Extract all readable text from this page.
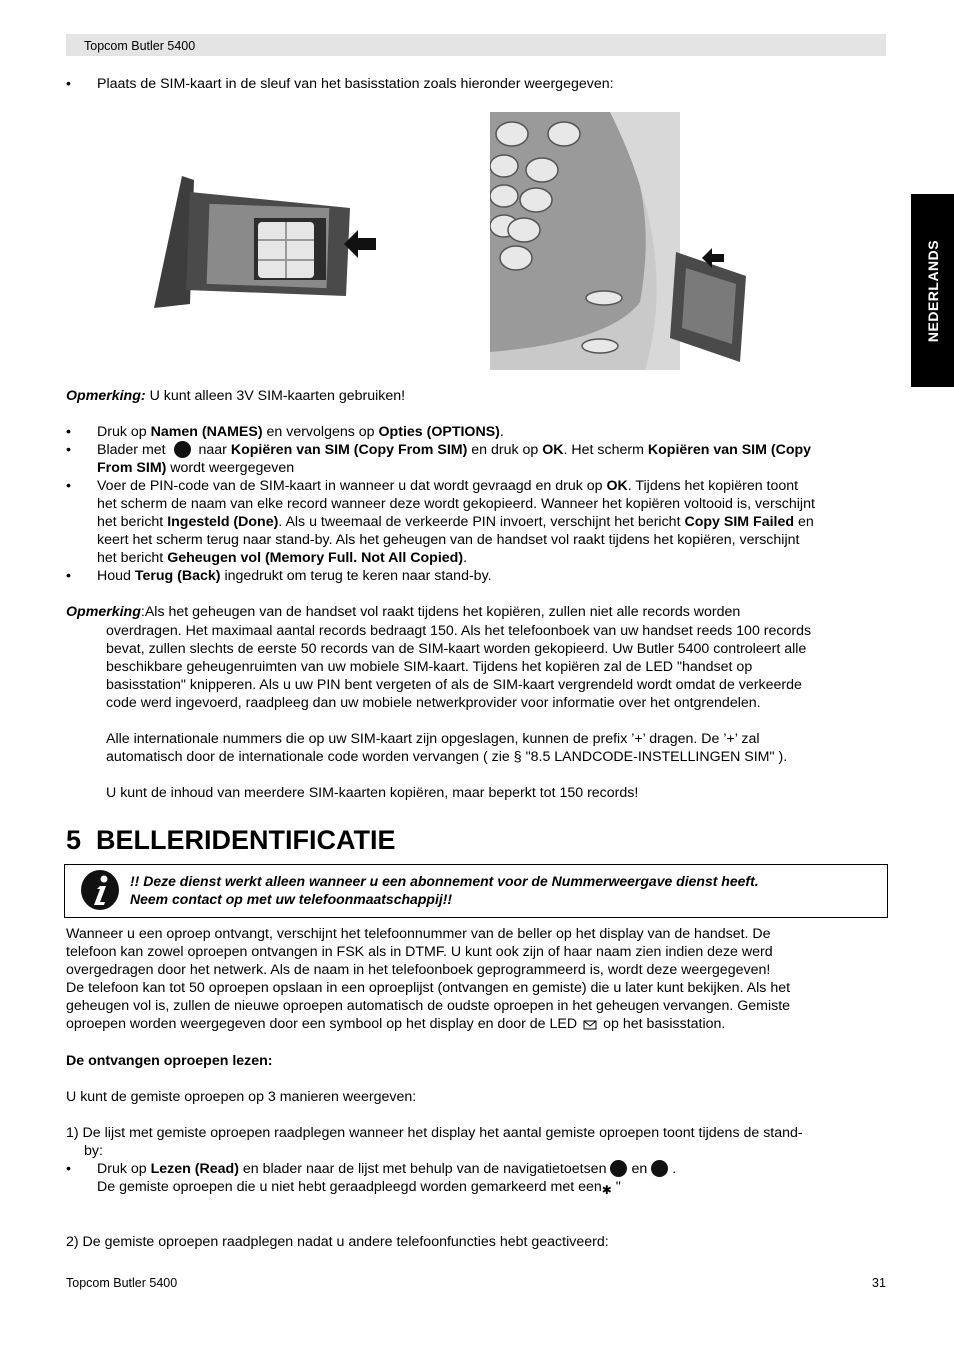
Topcom Butler 5400
NEDERLANDS
• Plaats de SIM-kaart in de sleuf van het basisstation zoals hieronder weergegeven:
Opmerking: U kunt alleen 3V SIM-kaarten gebruiken!
• Druk op Namen (NAMES) en vervolgens op Opties (OPTIONS).
• Blader met  naar Kopiëren van SIM (Copy From SIM) en druk op OK. Het scherm Kopiëren van SIM (Copy
From SIM) wordt weergegeven
• Voer de PIN-code van de SIM-kaart in wanneer u dat wordt gevraagd en druk op OK. Tijdens het kopiëren toont
het scherm de naam van elke record wanneer deze wordt gekopieerd. Wanneer het kopiëren voltooid is, verschijnt
het bericht Ingesteld (Done). Als u tweemaal de verkeerde PIN invoert, verschijnt het bericht Copy SIM Failed en
keert het scherm terug naar stand-by. Als het geheugen van de handset vol raakt tijdens het kopiëren, verschijnt
het bericht Geheugen vol (Memory Full. Not All Copied).
• Houd Terug (Back) ingedrukt om terug te keren naar stand-by.
Opmerking:Als het geheugen van de handset vol raakt tijdens het kopiëren, zullen niet alle records worden
overdragen. Het maximaal aantal records bedraagt 150. Als het telefoonboek van uw handset reeds 100 records
bevat, zullen slechts de eerste 50 records van de SIM-kaart worden gekopieerd. Uw Butler 5400 controleert alle
beschikbare geheugenruimten van uw mobiele SIM-kaart. Tijdens het kopiëren zal de LED "handset op
basisstation" knipperen. Als u uw PIN bent vergeten of als de SIM-kaart vergrendeld wordt omdat de verkeerde
code werd ingevoerd, raadpleeg dan uw mobiele netwerkprovider voor informatie over het ontgrendelen.
Alle internationale nummers die op uw SIM-kaart zijn opgeslagen, kunnen de prefix ’+’ dragen. De ’+’ zal
automatisch door de internationale code worden vervangen ( zie § "8.5 LANDCODE-INSTELLINGEN SIM" ).
U kunt de inhoud van meerdere SIM-kaarten kopiëren, maar beperkt tot 150 records!
5 BELLERIDENTIFICATIE
!! Deze dienst werkt alleen wanneer u een abonnement voor de Nummerweergave dienst heeft.
Neem contact op met uw telefoonmaatschappij!!
Wanneer u een oproep ontvangt, verschijnt het telefoonnummer van de beller op het display van de handset. De
telefoon kan zowel oproepen ontvangen in FSK als in DTMF. U kunt ook zijn of haar naam zien indien deze werd
overgedragen door het netwerk. Als de naam in het telefoonboek geprogrammeerd is, wordt deze weergegeven!
De telefoon kan tot 50 oproepen opslaan in een oproeplijst (ontvangen en gemiste) die u later kunt bekijken. Als het
geheugen vol is, zullen de nieuwe oproepen automatisch de oudste oproepen in het geheugen vervangen. Gemiste
oproepen worden weergegeven door een symbool op het display en door de LED op het basisstation.
De ontvangen oproepen lezen:
U kunt de gemiste oproepen op 3 manieren weergeven:
1) De lijst met gemiste oproepen raadplegen wanneer het display het aantal gemiste oproepen toont tijdens de stand-
by:
• Druk op Lezen (Read) en blader naar de lijst met behulp van de navigatietoetsen en .
De gemiste oproepen die u niet hebt geraadpleegd worden gemarkeerd met een✱ "
2) De gemiste oproepen raadplegen nadat u andere telefoonfuncties hebt geactiveerd:
Topcom Butler 5400	31
